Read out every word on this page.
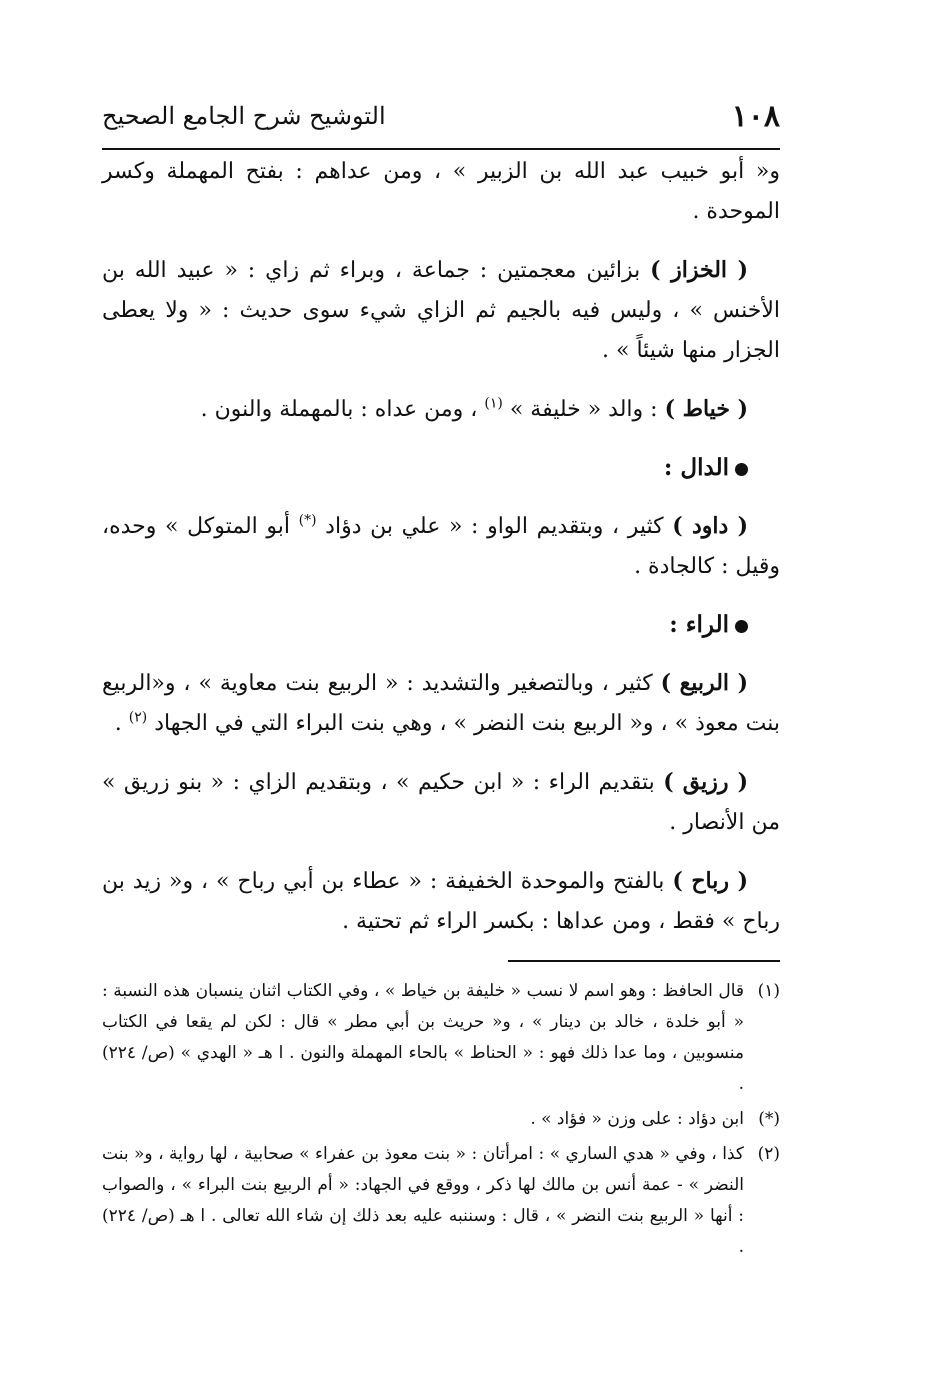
١٠٨
التوشيح شرح الجامع الصحيح

و« أبو خبيب عبد الله بن الزبير » ، ومن عداهم : بفتح المهملة وكسر الموحدة .

( الخزاز ) بزائين معجمتين : جماعة ، وبراء ثم زاي : « عبيد الله بن الأخنس » ، وليس فيه بالجيم ثم الزاي شيء سوى حديث : « ولا يعطى الجزار منها شيئاً » .

( خياط ) : والد « خليفة » $^{(١)}$ ، ومن عداه : بالمهملة والنون .

الدال :

( داود ) كثير ، وبتقديم الواو : « علي بن دؤاد (*) أبو المتوكل » وحده، وقيل : كالجادة .

الراء :

( الربيع ) كثير ، وبالتصغير والتشديد : « الربيع بنت معاوية » ، و«الربيع بنت معوذ » ، و« الربيع بنت النضر » ، وهي بنت البراء التي في الجهاد $^{(٢)}$ .

( رزيق ) بتقديم الراء : « ابن حكيم » ، وبتقديم الزاي : « بنو زريق » من الأنصار .

( رباح ) بالفتح والموحدة الخفيفة : « عطاء بن أبي رباح » ، و« زيد بن رباح » فقط ، ومن عداها : بكسر الراء ثم تحتية .

(١)قال الحافظ : وهو اسم لا نسب « خليفة بن خياط » ، وفي الكتاب اثنان ينسبان هذه النسبة : « أبو خلدة ، خالد بن دينار » ، و« حريث بن أبي مطر » قال : لكن لم يقعا في الكتاب منسوبين ، وما عدا ذلك فهو : « الحناط » بالحاء المهملة والنون . ا هـ « الهدي » (ص/ ٢٢٤) .

(*)ابن دؤاد : على وزن « فؤاد » .

(٢)كذا ، وفي « هدي الساري » : امرأتان : « بنت معوذ بن عفراء » صحابية ، لها رواية ، و« بنت النضر » - عمة أنس بن مالك لها ذكر ، ووقع في الجهاد: « أم الربيع بنت البراء » ، والصواب : أنها « الربيع بنت النضر » ، قال : وسننبه عليه بعد ذلك إن شاء الله تعالى . ا هـ (ص/ ٢٢٤) .
